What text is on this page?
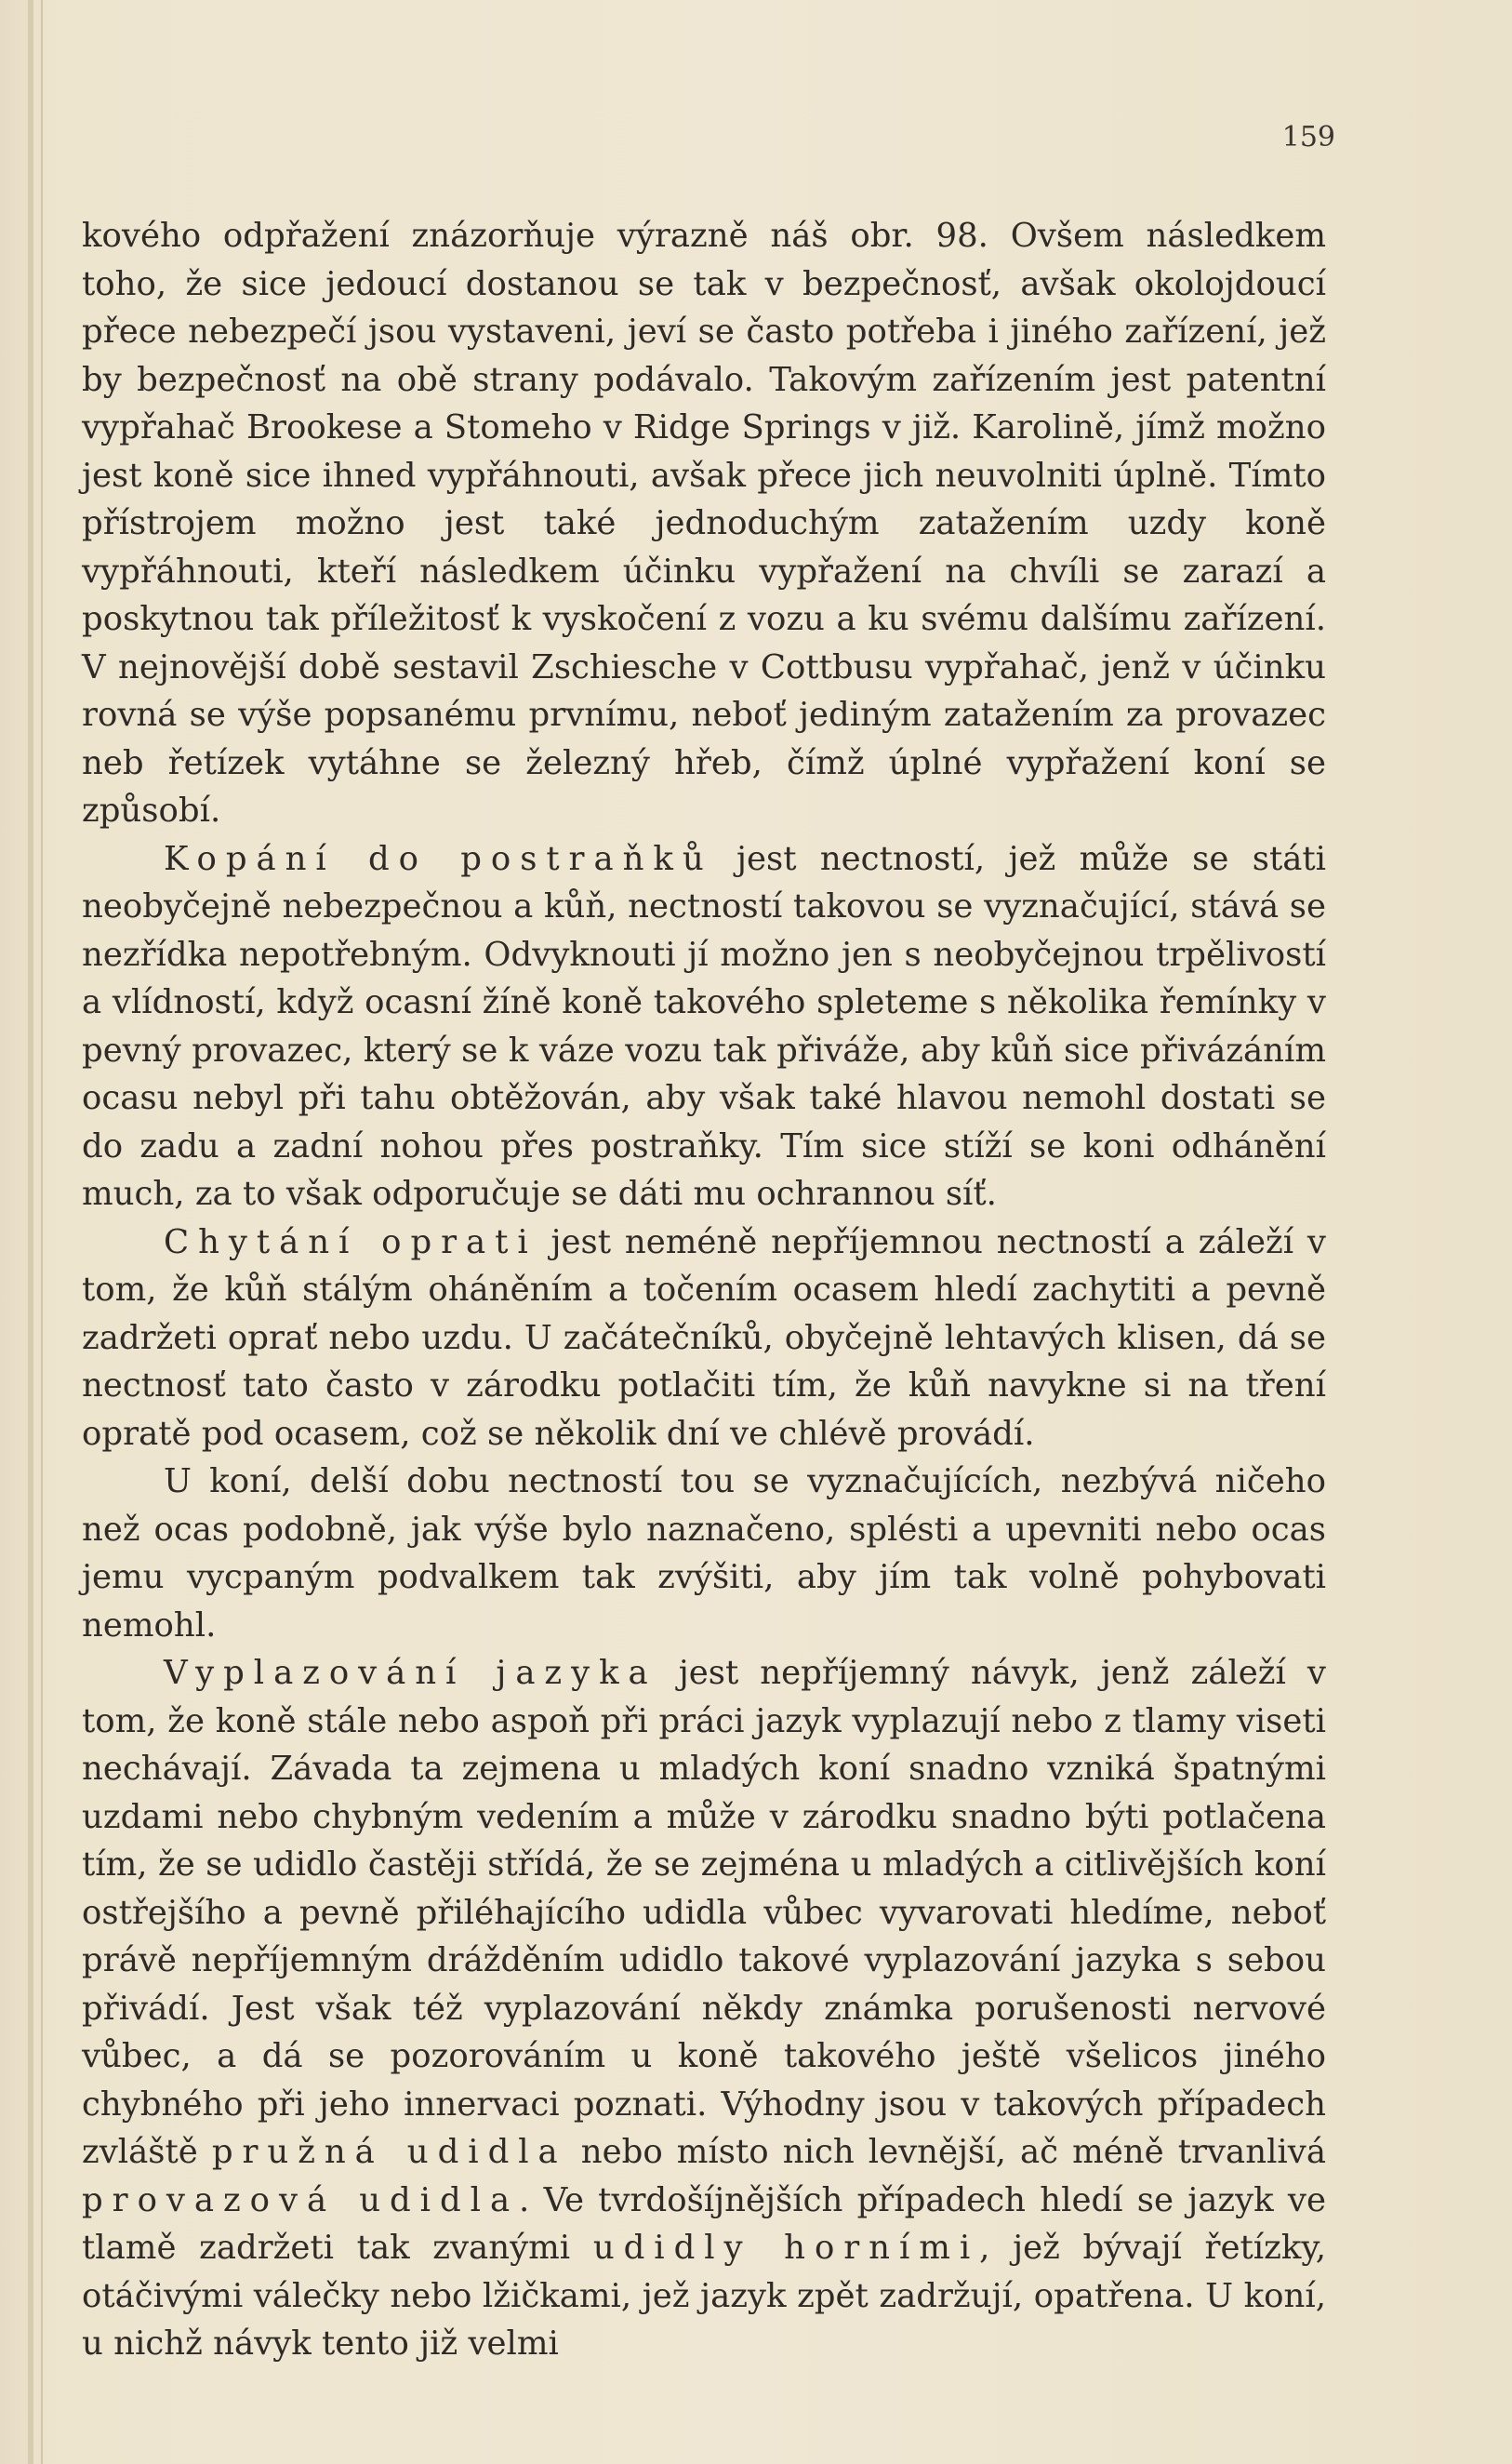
159

kového odpřažení znázorňuje výrazně náš obr. 98. Ovšem následkem toho, že sice jedoucí dostanou se tak v bezpečnosť, avšak okolojdoucí přece nebezpečí jsou vystaveni, jeví se často potřeba i jiného zařízení, jež by bezpečnosť na obě strany podávalo. Takovým zařízením jest patentní vypřahač Brookese a Stomeho v Ridge Springs v již. Karolině, jímž možno jest koně sice ihned vypřáhnouti, avšak přece jich neuvolniti úplně. Tímto přístrojem možno jest také jednoduchým zatažením uzdy koně vypřáhnouti, kteří následkem účinku vypřažení na chvíli se zarazí a poskytnou tak příležitosť k vyskočení z vozu a ku svému dalšímu zařízení. V nejnovější době sestavil Zschiesche v Cottbusu vypřahač, jenž v účinku rovná se výše popsanému prvnímu, neboť jediným zatažením za provazec neb řetízek vytáhne se železný hřeb, čímž úplné vypřažení koní se způsobí.

Kopání do postraňků jest nectností, jež může se státi neobyčejně nebezpečnou a kůň, nectností takovou se vyznačující, stává se nezřídka nepotřebným. Odvyknouti jí možno jen s neobyčejnou trpělivostí a vlídností, když ocasní žíně koně takového spleteme s několika řemínky v pevný provazec, který se k váze vozu tak přiváže, aby kůň sice přivázáním ocasu nebyl při tahu obtěžován, aby však také hlavou nemohl dostati se do zadu a zadní nohou přes postraňky. Tím sice stíží se koni odhánění much, za to však odporučuje se dáti mu ochrannou síť.

Chytání oprati jest neméně nepříjemnou nectností a záleží v tom, že kůň stálým oháněním a točením ocasem hledí zachytiti a pevně zadržeti oprať nebo uzdu. U začátečníků, obyčejně lehtavých klisen, dá se nectnosť tato často v zárodku potlačiti tím, že kůň navykne si na tření opratě pod ocasem, což se několik dní ve chlévě provádí.

U koní, delší dobu nectností tou se vyznačujících, nezbývá ničeho než ocas podobně, jak výše bylo naznačeno, splésti a upevniti nebo ocas jemu vycpaným podvalkem tak zvýšiti, aby jím tak volně pohybovati nemohl.

Vyplazování jazyka jest nepříjemný návyk, jenž záleží v tom, že koně stále nebo aspoň při práci jazyk vyplazují nebo z tlamy viseti nechávají. Závada ta zejmena u mladých koní snadno vzniká špatnými uzdami nebo chybným vedením a může v zárodku snadno býti potlačena tím, že se udidlo častěji střídá, že se zejména u mladých a citlivějších koní ostřejšího a pevně přiléhajícího udidla vůbec vyvarovati hledíme, neboť právě nepříjemným drážděním udidlo takové vyplazování jazyka s sebou přivádí. Jest však též vyplazování někdy známka porušenosti nervové vůbec, a dá se pozorováním u koně takového ještě všelicos jiného chybného při jeho innervaci poznati. Výhodny jsou v takových případech zvláště pružná udidla nebo místo nich levnější, ač méně trvanlivá provazová udidla. Ve tvrdošíjnějších případech hledí se jazyk ve tlamě zadržeti tak zvanými udidly horními, jež bývají řetízky, otáčivými válečky nebo lžičkami, jež jazyk zpět zadržují, opatřena. U koní, u nichž návyk tento již velmi
